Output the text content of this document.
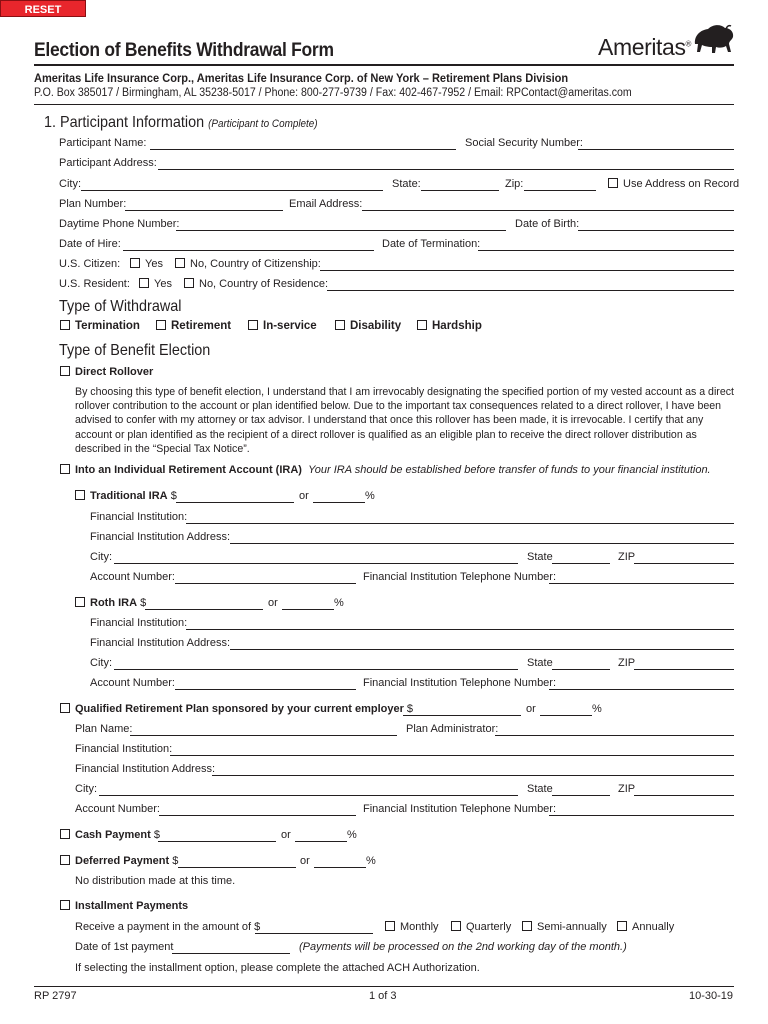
RESET FORM
Election of Benefits Withdrawal Form	Ameritas®
Ameritas Life Insurance Corp., Ameritas Life Insurance Corp. of New York – Retirement Plans Division
P.O. Box 385017 / Birmingham, AL 35238-5017 / Phone: 800-277-9739 / Fax: 402-467-7952 / Email: RPContact@ameritas.com
1. Participant Information (Participant to Complete)
Participant Name:	Social Security Number:
Participant Address:
City:	State:	Zip:	Use Address on Record
Plan Number:	Email Address:
Daytime Phone Number:	Date of Birth:
Date of Hire:	Date of Termination:
U.S. Citizen:	Yes	No, Country of Citizenship:
U.S. Resident:	Yes	No, Country of Residence:
Type of Withdrawal
Termination	Retirement	In-service	Disability	Hardship
Type of Benefit Election
Direct Rollover
By choosing this type of benefit election, I understand that I am irrevocably designating the specified portion of my vested account as a direct rollover contribution to the account or plan identified below. Due to the important tax consequences related to a direct rollover, I have been advised to confer with my attorney or tax advisor. I understand that once this rollover has been made, it is irrevocable. I certify that any account or plan identified as the recipient of a direct rollover is qualified as an eligible plan to receive the direct rollover distribution as described in the “Special Tax Notice”.
Into an Individual Retirement Account (IRA) Your IRA should be established before transfer of funds to your financial institution.
Traditional IRA $	or	%
Financial Institution:
Financial Institution Address:
City:	State	ZIP
Account Number:	Financial Institution Telephone Number:
Roth IRA $	or	%
Financial Institution:
Financial Institution Address:
City:	State	ZIP
Account Number:	Financial Institution Telephone Number:
Qualified Retirement Plan sponsored by your current employer $	or	%
Plan Name:	Plan Administrator:
Financial Institution:
Financial Institution Address:
City:	State	ZIP
Account Number:	Financial Institution Telephone Number:
Cash Payment $	or	%
Deferred Payment $	or	%
No distribution made at this time.
Installment Payments
Receive a payment in the amount of $	Monthly	Quarterly	Semi-annually	Annually
Date of 1st payment	(Payments will be processed on the 2nd working day of the month.)
If selecting the installment option, please complete the attached ACH Authorization.
RP 2797	1 of 3	10-30-19
